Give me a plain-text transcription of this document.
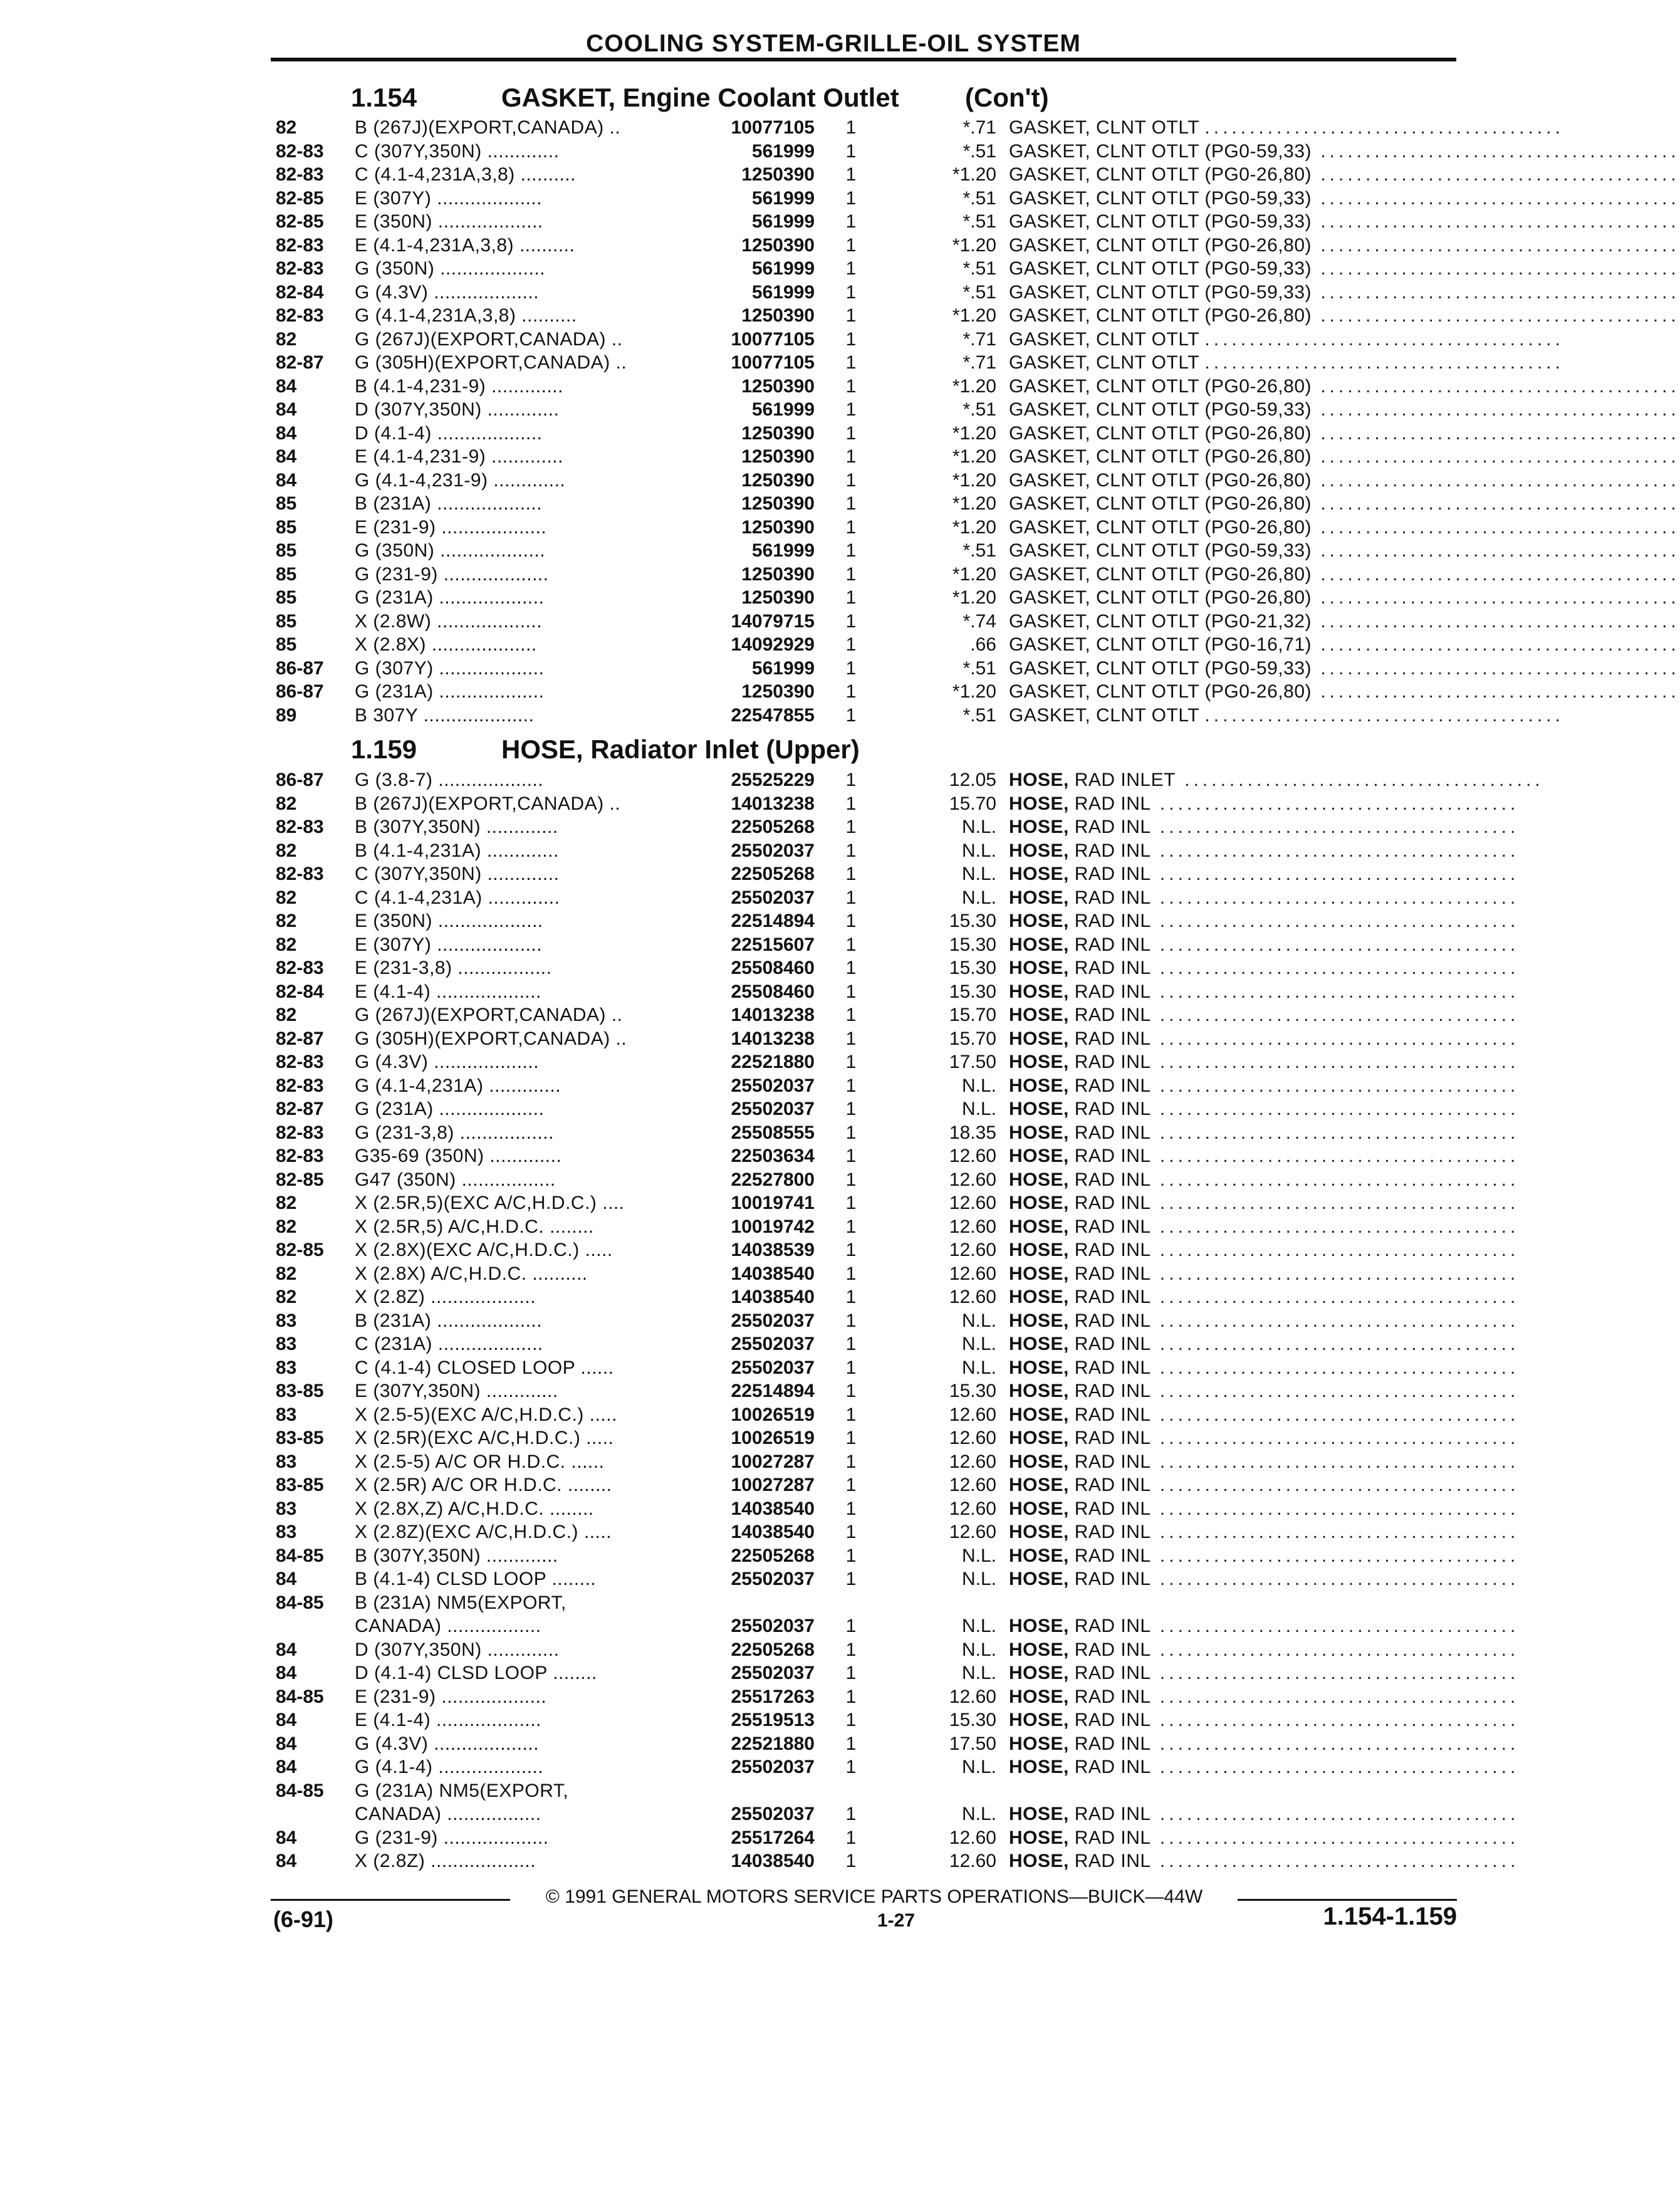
COOLING SYSTEM-GRILLE-OIL SYSTEM
1.154	GASKET, Engine Coolant Outlet	(Con't)
82	B (267J)(EXPORT,CANADA) ..	10077105	1	*.71 GASKET, CLNT OTLT ........................................
82-83	C (307Y,350N) .............	561999	1	*.51 GASKET, CLNT OTLT (PG0-59,33) ........................................
82-83	C (4.1-4,231A,3,8) ..........	1250390	1	*1.20 GASKET, CLNT OTLT (PG0-26,80) ........................................
82-85	E (307Y) ...................	561999	1	*.51 GASKET, CLNT OTLT (PG0-59,33) ........................................
82-85	E (350N) ...................	561999	1	*.51 GASKET, CLNT OTLT (PG0-59,33) ........................................
82-83	E (4.1-4,231A,3,8) ..........	1250390	1	*1.20 GASKET, CLNT OTLT (PG0-26,80) ........................................
82-83	G (350N) ...................	561999	1	*.51 GASKET, CLNT OTLT (PG0-59,33) ........................................
82-84	G (4.3V) ...................	561999	1	*.51 GASKET, CLNT OTLT (PG0-59,33) ........................................
82-83	G (4.1-4,231A,3,8) ..........	1250390	1	*1.20 GASKET, CLNT OTLT (PG0-26,80) ........................................
82	G (267J)(EXPORT,CANADA) ..	10077105	1	*.71 GASKET, CLNT OTLT ........................................
82-87	G (305H)(EXPORT,CANADA) ..	10077105	1	*.71 GASKET, CLNT OTLT ........................................
84	B (4.1-4,231-9) .............	1250390	1	*1.20 GASKET, CLNT OTLT (PG0-26,80) ........................................
84	D (307Y,350N) .............	561999	1	*.51 GASKET, CLNT OTLT (PG0-59,33) ........................................
84	D (4.1-4) ...................	1250390	1	*1.20 GASKET, CLNT OTLT (PG0-26,80) ........................................
84	E (4.1-4,231-9) .............	1250390	1	*1.20 GASKET, CLNT OTLT (PG0-26,80) ........................................
84	G (4.1-4,231-9) .............	1250390	1	*1.20 GASKET, CLNT OTLT (PG0-26,80) ........................................
85	B (231A) ...................	1250390	1	*1.20 GASKET, CLNT OTLT (PG0-26,80) ........................................
85	E (231-9) ...................	1250390	1	*1.20 GASKET, CLNT OTLT (PG0-26,80) ........................................
85	G (350N) ...................	561999	1	*.51 GASKET, CLNT OTLT (PG0-59,33) ........................................
85	G (231-9) ...................	1250390	1	*1.20 GASKET, CLNT OTLT (PG0-26,80) ........................................
85	G (231A) ...................	1250390	1	*1.20 GASKET, CLNT OTLT (PG0-26,80) ........................................
85	X (2.8W) ...................	14079715	1	*.74 GASKET, CLNT OTLT (PG0-21,32) ........................................
85	X (2.8X) ...................	14092929	1	.66 GASKET, CLNT OTLT (PG0-16,71) ........................................
86-87	G (307Y) ...................	561999	1	*.51 GASKET, CLNT OTLT (PG0-59,33) ........................................
86-87	G (231A) ...................	1250390	1	*1.20 GASKET, CLNT OTLT (PG0-26,80) ........................................
89	B 307Y ....................	22547855	1	*.51 GASKET, CLNT OTLT ........................................
1.159	HOSE, Radiator Inlet (Upper)
86-87	G (3.8-7) ...................	25525229	1	12.05 HOSE, RAD INLET ........................................
82	B (267J)(EXPORT,CANADA) ..	14013238	1	15.70 HOSE, RAD INL ........................................
82-83	B (307Y,350N) .............	22505268	1	N.L. HOSE, RAD INL ........................................
82	B (4.1-4,231A) .............	25502037	1	N.L. HOSE, RAD INL ........................................
82-83	C (307Y,350N) .............	22505268	1	N.L. HOSE, RAD INL ........................................
82	C (4.1-4,231A) .............	25502037	1	N.L. HOSE, RAD INL ........................................
82	E (350N) ...................	22514894	1	15.30 HOSE, RAD INL ........................................
82	E (307Y) ...................	22515607	1	15.30 HOSE, RAD INL ........................................
82-83	E (231-3,8) .................	25508460	1	15.30 HOSE, RAD INL ........................................
82-84	E (4.1-4) ...................	25508460	1	15.30 HOSE, RAD INL ........................................
82	G (267J)(EXPORT,CANADA) ..	14013238	1	15.70 HOSE, RAD INL ........................................
82-87	G (305H)(EXPORT,CANADA) ..	14013238	1	15.70 HOSE, RAD INL ........................................
82-83	G (4.3V) ...................	22521880	1	17.50 HOSE, RAD INL ........................................
82-83	G (4.1-4,231A) .............	25502037	1	N.L. HOSE, RAD INL ........................................
82-87	G (231A) ...................	25502037	1	N.L. HOSE, RAD INL ........................................
82-83	G (231-3,8) .................	25508555	1	18.35 HOSE, RAD INL ........................................
82-83	G35-69 (350N) .............	22503634	1	12.60 HOSE, RAD INL ........................................
82-85	G47 (350N) .................	22527800	1	12.60 HOSE, RAD INL ........................................
82	X (2.5R,5)(EXC A/C,H.D.C.) ....	10019741	1	12.60 HOSE, RAD INL ........................................
82	X (2.5R,5) A/C,H.D.C. ........	10019742	1	12.60 HOSE, RAD INL ........................................
82-85	X (2.8X)(EXC A/C,H.D.C.) .....	14038539	1	12.60 HOSE, RAD INL ........................................
82	X (2.8X) A/C,H.D.C. ..........	14038540	1	12.60 HOSE, RAD INL ........................................
82	X (2.8Z) ...................	14038540	1	12.60 HOSE, RAD INL ........................................
83	B (231A) ...................	25502037	1	N.L. HOSE, RAD INL ........................................
83	C (231A) ...................	25502037	1	N.L. HOSE, RAD INL ........................................
83	C (4.1-4) CLOSED LOOP ......	25502037	1	N.L. HOSE, RAD INL ........................................
83-85	E (307Y,350N) .............	22514894	1	15.30 HOSE, RAD INL ........................................
83	X (2.5-5)(EXC A/C,H.D.C.) .....	10026519	1	12.60 HOSE, RAD INL ........................................
83-85	X (2.5R)(EXC A/C,H.D.C.) .....	10026519	1	12.60 HOSE, RAD INL ........................................
83	X (2.5-5) A/C OR H.D.C. ......	10027287	1	12.60 HOSE, RAD INL ........................................
83-85	X (2.5R) A/C OR H.D.C. ........	10027287	1	12.60 HOSE, RAD INL ........................................
83	X (2.8X,Z) A/C,H.D.C. ........	14038540	1	12.60 HOSE, RAD INL ........................................
83	X (2.8Z)(EXC A/C,H.D.C.) .....	14038540	1	12.60 HOSE, RAD INL ........................................
84-85	B (307Y,350N) .............	22505268	1	N.L. HOSE, RAD INL ........................................
84	B (4.1-4) CLSD LOOP ........	25502037	1	N.L. HOSE, RAD INL ........................................
84-85	B (231A) NM5(EXPORT,
CANADA) .................	25502037	1	N.L. HOSE, RAD INL ........................................
84	D (307Y,350N) .............	22505268	1	N.L. HOSE, RAD INL ........................................
84	D (4.1-4) CLSD LOOP ........	25502037	1	N.L. HOSE, RAD INL ........................................
84-85	E (231-9) ...................	25517263	1	12.60 HOSE, RAD INL ........................................
84	E (4.1-4) ...................	25519513	1	15.30 HOSE, RAD INL ........................................
84	G (4.3V) ...................	22521880	1	17.50 HOSE, RAD INL ........................................
84	G (4.1-4) ...................	25502037	1	N.L. HOSE, RAD INL ........................................
84-85	G (231A) NM5(EXPORT,
CANADA) .................	25502037	1	N.L. HOSE, RAD INL ........................................
84	G (231-9) ...................	25517264	1	12.60 HOSE, RAD INL ........................................
84	X (2.8Z) ...................	14038540	1	12.60 HOSE, RAD INL ........................................
© 1991 GENERAL MOTORS SERVICE PARTS OPERATIONS—BUICK—44W
(6-91)	1-27	1.154-1.159
